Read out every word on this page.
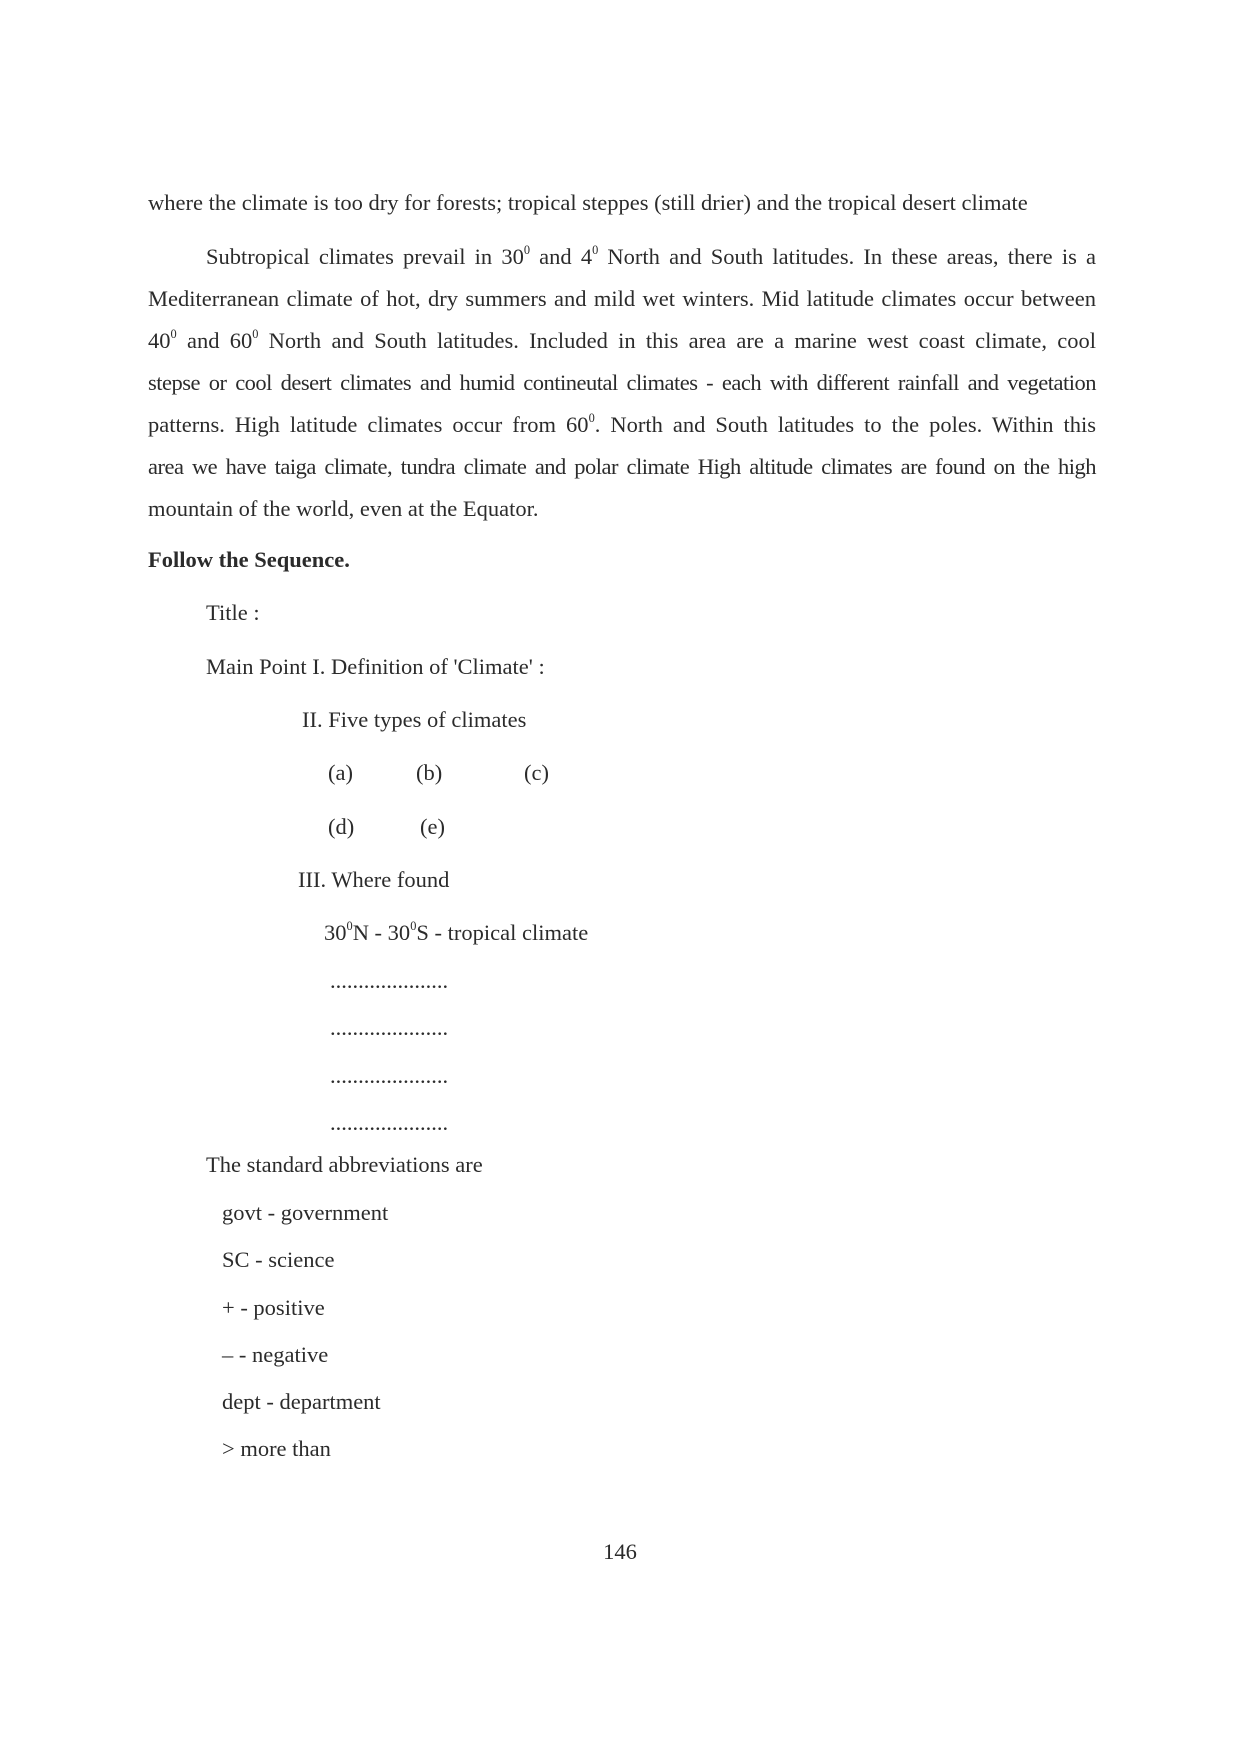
where the climate is too dry for forests; tropical steppes (still drier) and the tropical desert climate
Subtropical climates prevail in $30^0$ and $4^0$ North and South latitudes. In these areas, there is a
Mediterranean climate of hot, dry summers and mild wet winters. Mid latitude climates occur between
$40^0$ and $60^0$ North and South latitudes. Included in this area are a marine west coast climate, cool
stepse or cool desert climates and humid contineutal climates - each with different rainfall and vegetation
patterns. High latitude climates occur from $60^0$. North and South latitudes to the poles. Within this
area we have taiga climate, tundra climate and polar climate High altitude climates are found on the high
mountain of the world, even at the Equator.
Follow the Sequence.
Title :
Main Point I. Definition of 'Climate' :
II. Five types of climates
(a)	(b)	(c)
(d)	(e)
III. Where found
$30^0N - 30^0S$ - tropical climate
.....................
.....................
.....................
.....................
The standard abbreviations are
govt - government
SC - science
+ - positive
– - negative
dept - department
> more than
146
